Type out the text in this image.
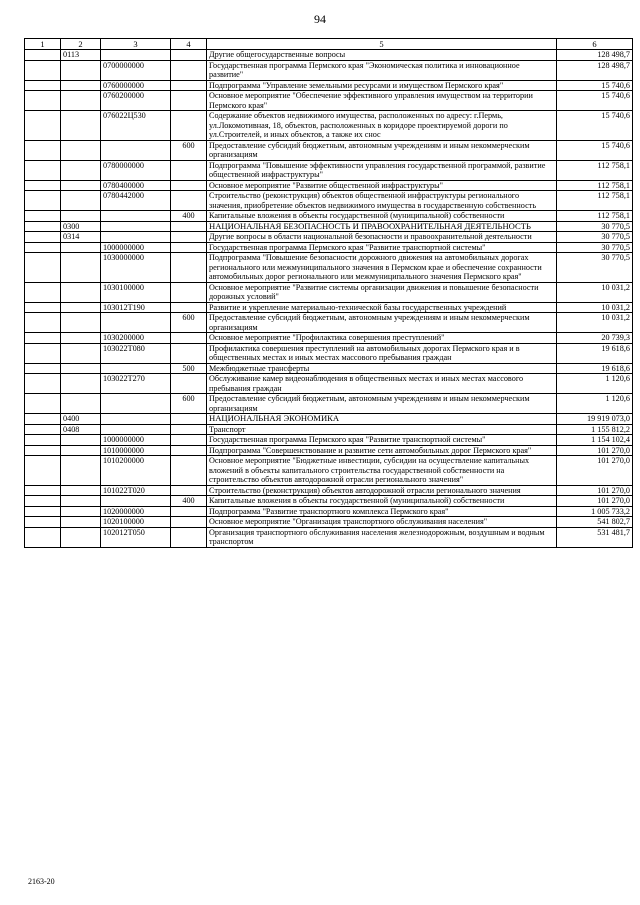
94
1	2	3	4	5	6
	0113			Другие общегосударственные вопросы	128 498,7
		0700000000		Государственная программа Пермского края "Экономическая политика и инновационное развитие"	128 498,7
		0760000000		Подпрограмма "Управление земельными ресурсами и имуществом Пермского края"	15 740,6
		0760200000		Основное мероприятие "Обеспечение эффективного управления имуществом на территории Пермского края"	15 740,6
		076022Ц530		Содержание объектов недвижимого имущества, расположенных по адресу: г.Пермь, ул.Локомотивная, 18, объектов, расположенных в коридоре проектируемой дороги по ул.Строителей, и иных объектов, а также их снос	15 740,6
			600	Предоставление субсидий бюджетным, автономным учреждениям и иным некоммерческим организациям	15 740,6
		0780000000		Подпрограмма "Повышение эффективности управления государственной программой, развитие общественной инфраструктуры"	112 758,1
		0780400000		Основное мероприятие "Развитие общественной инфраструктуры"	112 758,1
		0780442000		Строительство (реконструкция) объектов общественной инфраструктуры регионального значения, приобретение объектов недвижимого имущества в государственную собственность	112 758,1
			400	Капитальные вложения в объекты государственной (муниципальной) собственности	112 758,1
	0300			НАЦИОНАЛЬНАЯ БЕЗОПАСНОСТЬ И ПРАВООХРАНИТЕЛЬНАЯ ДЕЯТЕЛЬНОСТЬ	30 770,5
	0314			Другие вопросы в области национальной безопасности и правоохранительной деятельности	30 770,5
		1000000000		Государственная программа Пермского края "Развитие транспортной системы"	30 770,5
		1030000000		Подпрограмма "Повышение безопасности дорожного движения на автомобильных дорогах регионального или межмуниципального значения в Пермском крае и обеспечение сохранности автомобильных дорог регионального или межмуниципального значения Пермского края"	30 770,5
		1030100000		Основное мероприятие "Развитие системы организации движения и повышение безопасности дорожных условий"	10 031,2
		103012Т190		Развитие и укрепление материально-технической базы государственных учреждений	10 031,2
			600	Предоставление субсидий бюджетным, автономным учреждениям и иным некоммерческим организациям	10 031,2
		1030200000		Основное мероприятие "Профилактика совершения преступлений"	20 739,3
		103022Т080		Профилактика совершения преступлений на автомобильных дорогах Пермского края и в общественных местах и иных местах массового пребывания граждан	19 618,6
			500	Межбюджетные трансферты	19 618,6
		103022Т270		Обслуживание камер видеонаблюдения в общественных местах и иных местах массового пребывания граждан	1 120,6
			600	Предоставление субсидий бюджетным, автономным учреждениям и иным некоммерческим организациям	1 120,6
	0400			НАЦИОНАЛЬНАЯ ЭКОНОМИКА	19 919 073,0
	0408			Транспорт	1 155 812,2
		1000000000		Государственная программа Пермского края "Развитие транспортной системы"	1 154 102,4
		1010000000		Подпрограмма "Совершенствование и развитие сети автомобильных дорог Пермского края"	101 270,0
		1010200000		Основное мероприятие "Бюджетные инвестиции, субсидии на осуществление капитальных вложений в объекты капитального строительства государственной собственности на строительство объектов автодорожной отрасли регионального значения"	101 270,0
		101022Т020		Строительство (реконструкция) объектов автодорожной отрасли регионального значения	101 270,0
			400	Капитальные вложения в объекты государственной (муниципальной) собственности	101 270,0
		1020000000		Подпрограмма "Развитие транспортного комплекса Пермского края"	1 005 733,2
		1020100000		Основное мероприятие "Организация транспортного обслуживания населения"	541 802,7
		102012Т050		Организация транспортного обслуживания населения железнодорожным, воздушным и водным транспортом	531 481,7
2163-20
